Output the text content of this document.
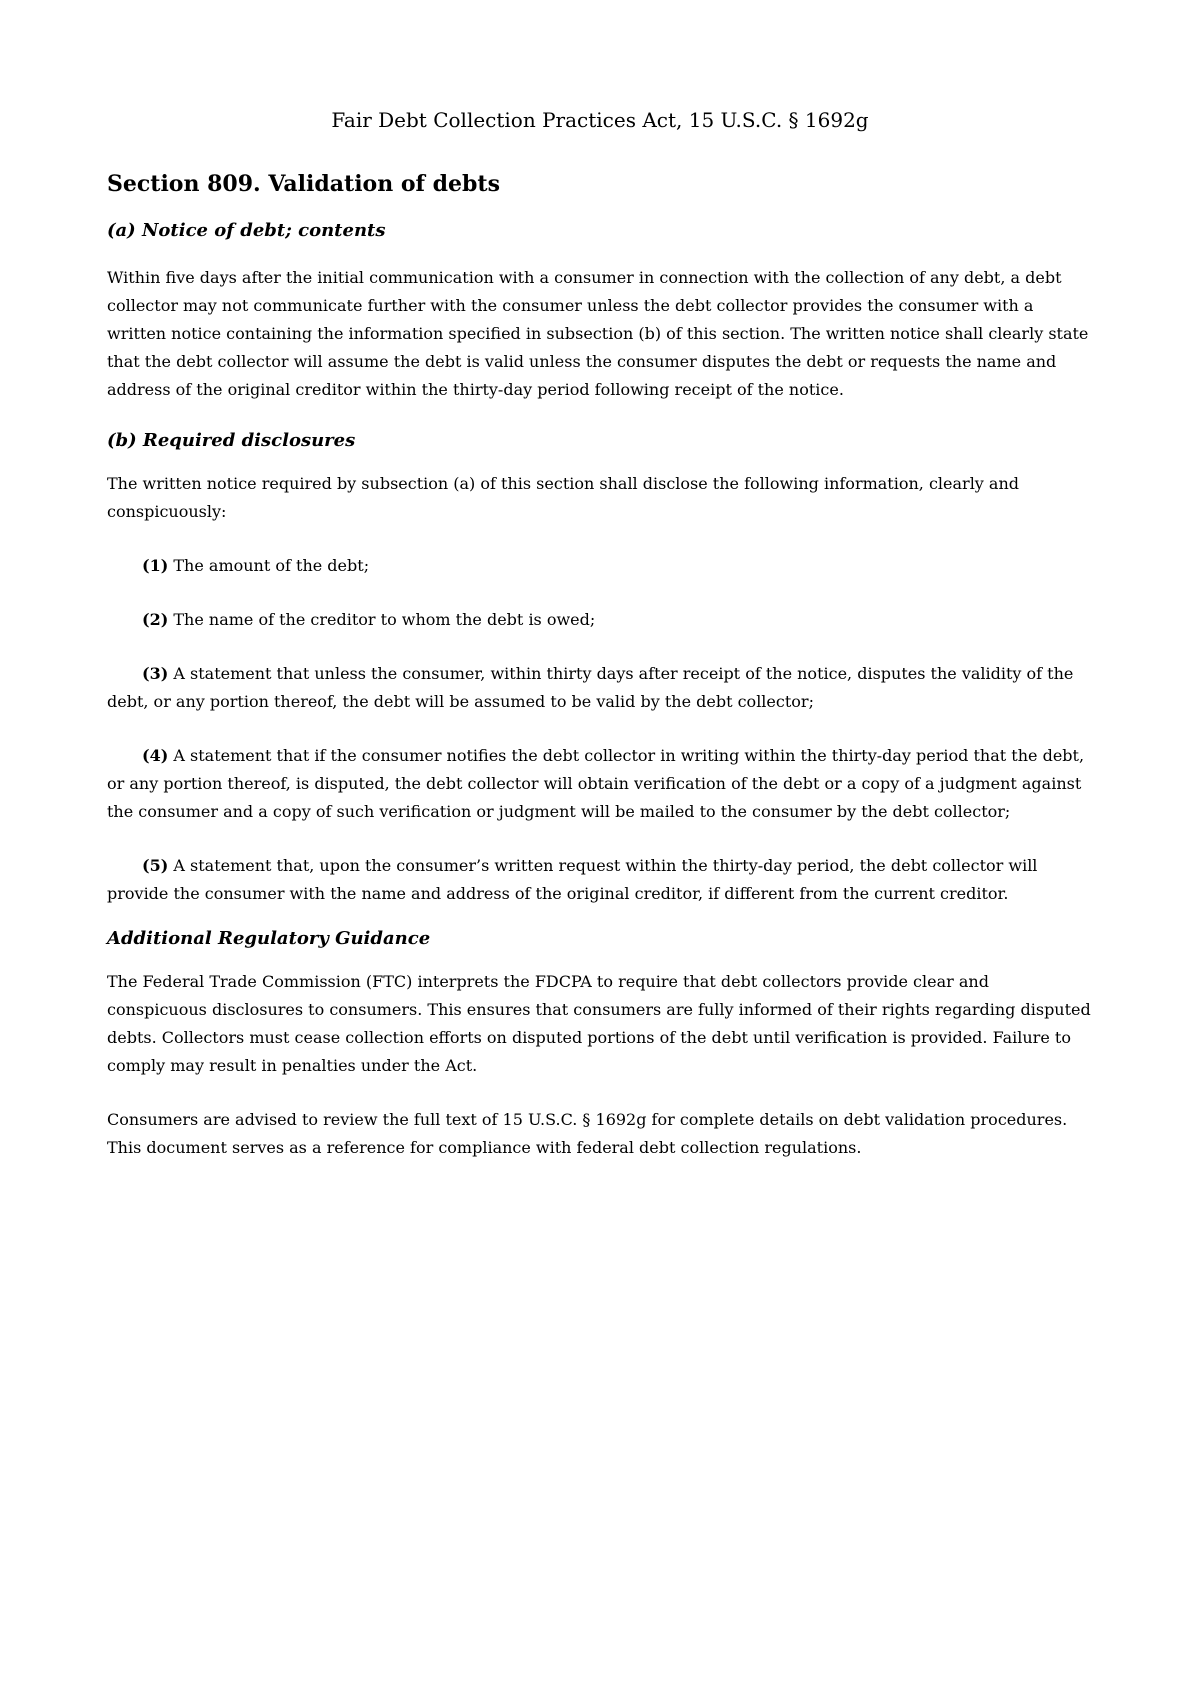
Fair Debt Collection Practices Act, 15 U.S.C. § 1692g

Section 809. Validation of debts
(a) Notice of debt; contents

Within five days after the initial communication with a consumer in connection with the collection of any debt, a debt collector may not communicate further with the consumer unless the debt collector provides the consumer with a written notice containing the information specified in subsection (b) of this section. The written notice shall clearly state that the debt collector will assume the debt is valid unless the consumer disputes the debt or requests the name and address of the original creditor within the thirty-day period following receipt of the notice.

(b) Required disclosures

The written notice required by subsection (a) of this section shall disclose the following information, clearly and conspicuously:

(1) The amount of the debt;

(2) The name of the creditor to whom the debt is owed;

(3) A statement that unless the consumer, within thirty days after receipt of the notice, disputes the validity of the debt, or any portion thereof, the debt will be assumed to be valid by the debt collector;

(4) A statement that if the consumer notifies the debt collector in writing within the thirty-day period that the debt, or any portion thereof, is disputed, the debt collector will obtain verification of the debt or a copy of a judgment against the consumer and a copy of such verification or judgment will be mailed to the consumer by the debt collector;

(5) A statement that, upon the consumer’s written request within the thirty-day period, the debt collector will provide the consumer with the name and address of the original creditor, if different from the current creditor.

Additional Regulatory Guidance

The Federal Trade Commission (FTC) interprets the FDCPA to require that debt collectors provide clear and conspicuous disclosures to consumers. This ensures that consumers are fully informed of their rights regarding disputed debts. Collectors must cease collection efforts on disputed portions of the debt until verification is provided. Failure to comply may result in penalties under the Act.

Consumers are advised to review the full text of 15 U.S.C. § 1692g for complete details on debt validation procedures. This document serves as a reference for compliance with federal debt collection regulations.
